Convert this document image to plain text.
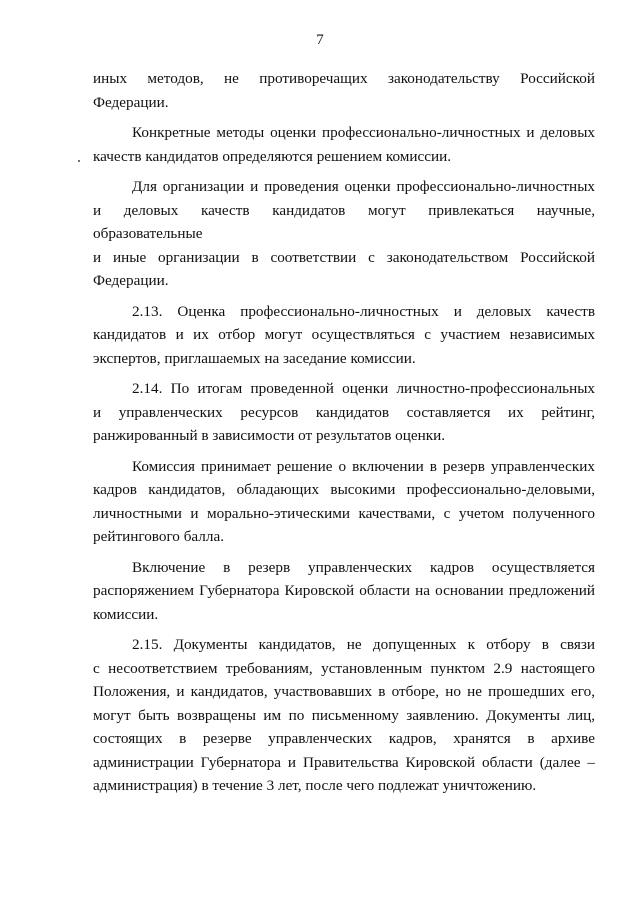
7
иных методов, не противоречащих законодательству Российской
Федерации.
Конкретные методы оценки профессионально-личностных и деловых
качеств кандидатов определяются решением комиссии.
Для организации и проведения оценки профессионально-личностных
и деловых качеств кандидатов могут привлекаться научные, образовательные
и иные организации в соответствии с законодательством Российской
Федерации.
2.13. Оценка профессионально-личностных и деловых качеств
кандидатов и их отбор могут осуществляться с участием независимых
экспертов, приглашаемых на заседание комиссии.
2.14. По итогам проведенной оценки личностно-профессиональных
и управленческих ресурсов кандидатов составляется их рейтинг,
ранжированный в зависимости от результатов оценки.
Комиссия принимает решение о включении в резерв управленческих
кадров кандидатов, обладающих высокими профессионально-деловыми,
личностными и морально-этическими качествами, с учетом полученного
рейтингового балла.
Включение в резерв управленческих кадров осуществляется
распоряжением Губернатора Кировской области на основании предложений
комиссии.
2.15. Документы кандидатов, не допущенных к отбору в связи
с несоответствием требованиям, установленным пунктом 2.9 настоящего
Положения, и кандидатов, участвовавших в отборе, но не прошедших его,
могут быть возвращены им по письменному заявлению. Документы лиц,
состоящих в резерве управленческих кадров, хранятся в архиве
администрации Губернатора и Правительства Кировской области (далее –
администрация) в течение 3 лет, после чего подлежат уничтожению.
